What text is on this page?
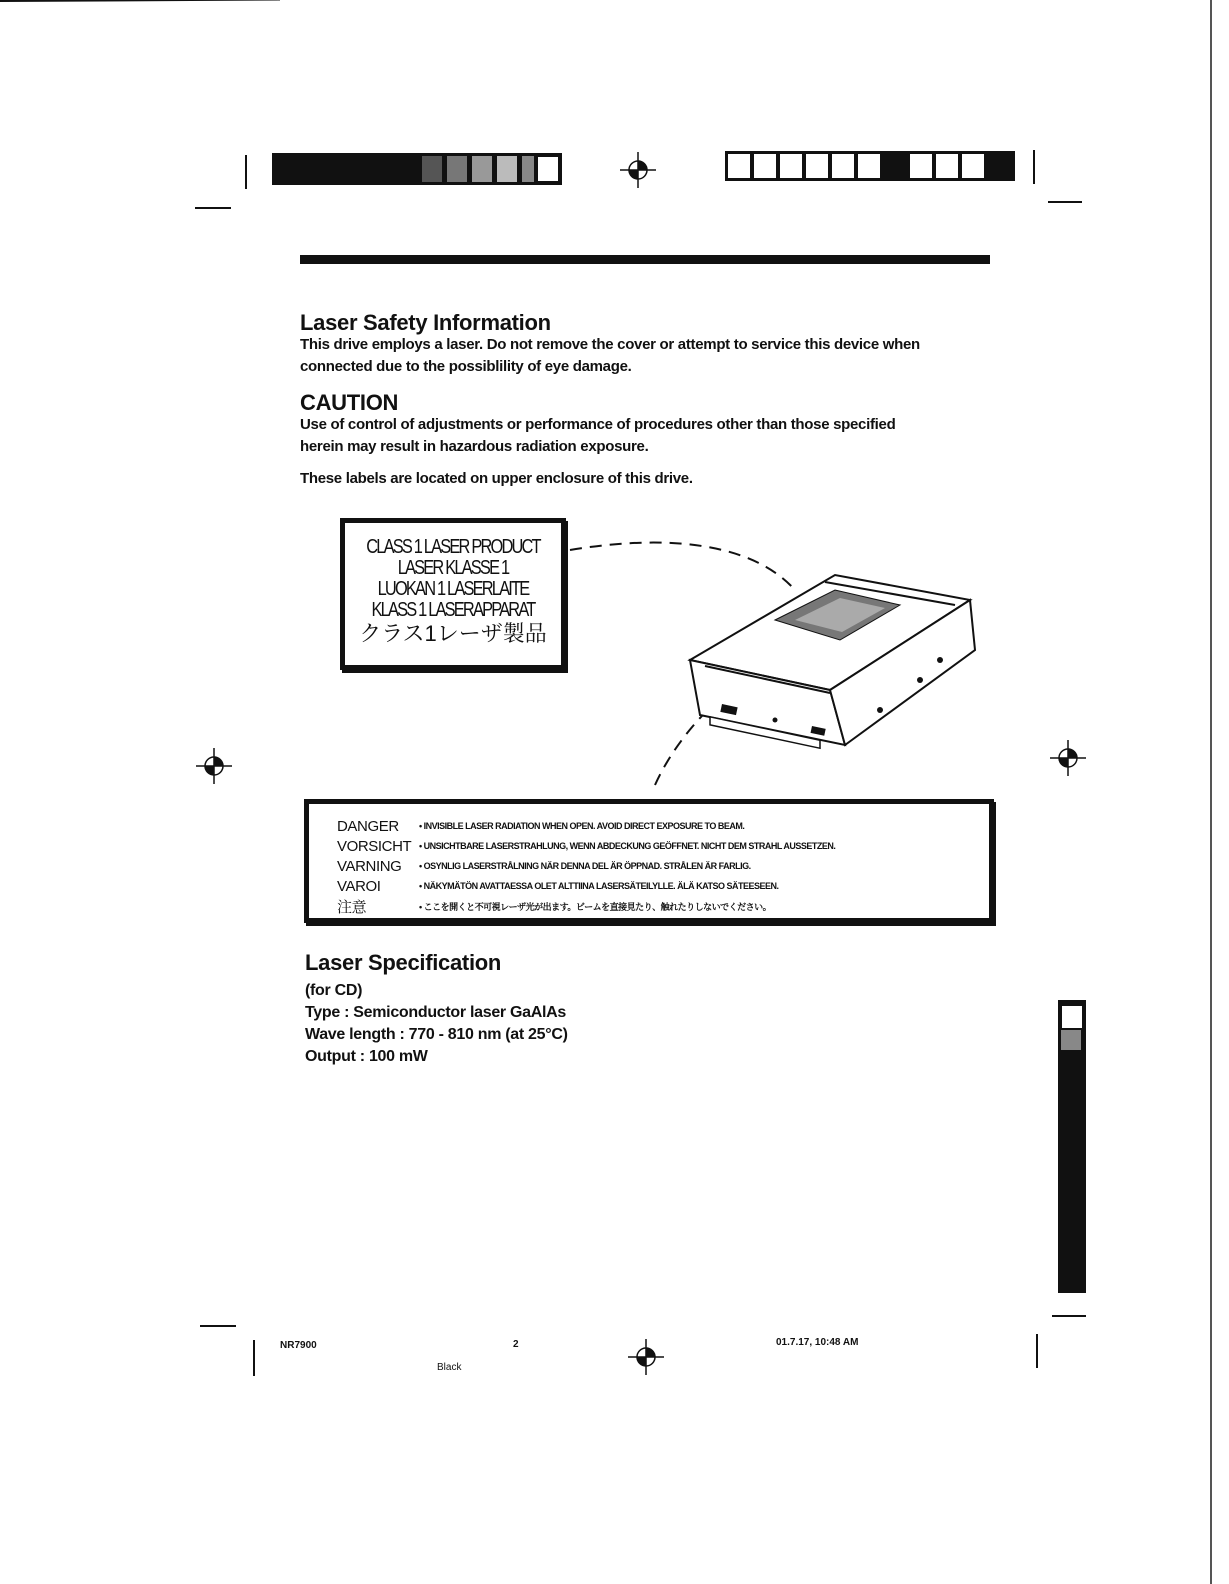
Laser Safety Information
This drive employs a laser. Do not remove the cover or attempt to service this device when
connected due to the possiblility of eye damage.
CAUTION
Use of control of adjustments or performance of procedures other than those specified
herein may result in hazardous radiation exposure.
These labels are located on upper enclosure of this drive.
CLASS 1 LASER PRODUCT
LASER KLASSE 1
LUOKAN 1 LASERLAITE
KLASS 1 LASERAPPARAT
クラス1レーザ製品
DANGER	• INVISIBLE LASER RADIATION WHEN OPEN. AVOID DIRECT EXPOSURE TO BEAM.
VORSICHT • UNSICHTBARE LASERSTRAHLUNG, WENN ABDECKUNG GEÖFFNET. NICHT DEM STRAHL AUSSETZEN.
VARNING	• OSYNLIG LASERSTRÅLNING NÄR DENNA DEL ÄR ÖPPNAD. STRÅLEN ÄR FARLIG.
VAROI	• NÄKYMÄTÖN AVATTAESSA OLET ALTTIINA LASERSÄTEILYLLE. ÄLÄ KATSO SÄTEESEEN.
注意	• ここを開くと不可視レーザ光が出ます。ビームを直接見たり、触れたりしないでください。
Laser Specification
(for CD)
Type : Semiconductor laser GaAlAs
Wave length : 770 - 810 nm (at 25°C)
Output : 100 mW
NR7900	2
Black
01.7.17, 10:48 AM
